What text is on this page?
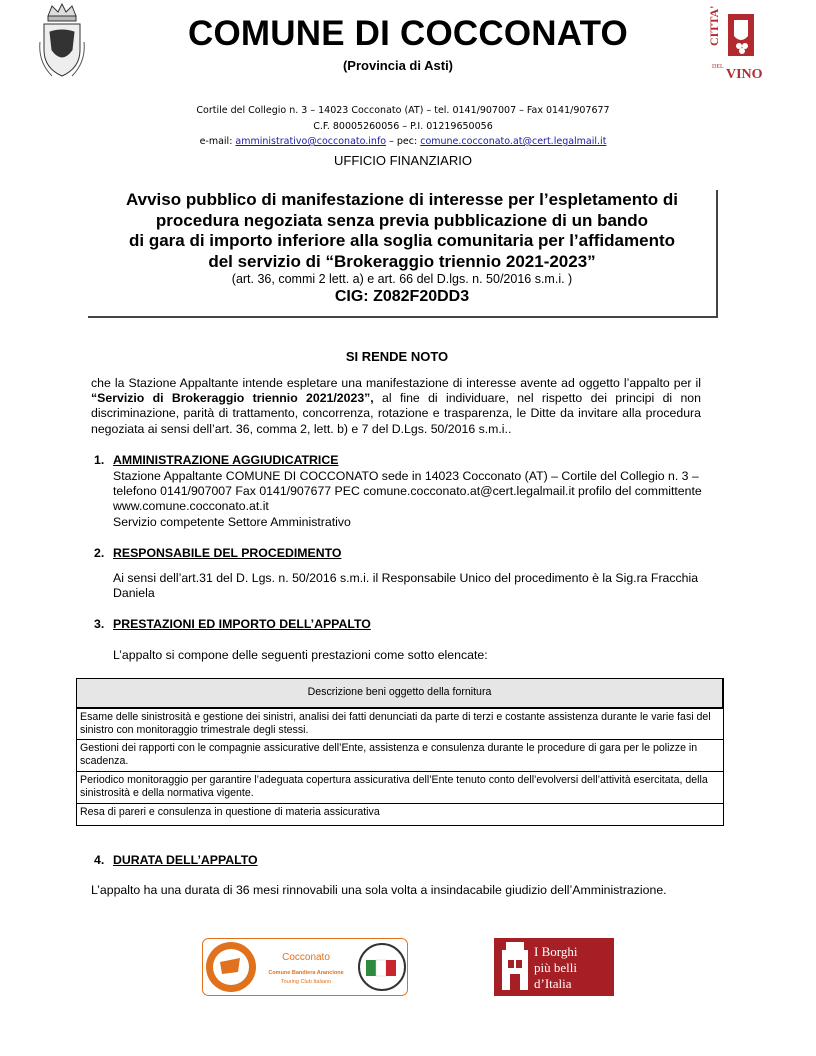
CITTA'
DEL VINO
COMUNE DI COCCONATO
(Provincia di Asti)
Cortile del Collegio n. 3 – 14023 Cocconato (AT) – tel. 0141/907007 – Fax 0141/907677
C.F. 80005260056 – P.I. 01219650056
e-mail: amministrativo@cocconato.info – pec: comune.cocconato.at@cert.legalmail.it
UFFICIO FINANZIARIO
Avviso pubblico di manifestazione di interesse per l’espletamento di
procedura negoziata senza previa pubblicazione di un bando
di gara di importo inferiore alla soglia comunitaria per l’affidamento
del servizio di “Brokeraggio triennio 2021-2023”
(art. 36, commi 2 lett. a) e art. 66 del D.lgs. n. 50/2016 s.m.i. )
CIG: Z082F20DD3
SI RENDE NOTO
che la Stazione Appaltante intende espletare una manifestazione di interesse avente ad oggetto l’appalto per il “Servizio di Brokeraggio triennio 2021/2023”, al fine di individuare, nel rispetto dei principi di non discriminazione, parità di trattamento, concorrenza, rotazione e trasparenza, le Ditte da invitare alla procedura negoziata ai sensi dell’art. 36, comma 2, lett. b) e 7 del D.Lgs. 50/2016 s.m.i..
1. AMMINISTRAZIONE AGGIUDICATRICE
Stazione Appaltante COMUNE DI COCCONATO sede in 14023 Cocconato (AT) – Cortile del Collegio n. 3 – telefono 0141/907007 Fax 0141/907677 PEC comune.cocconato.at@cert.legalmail.it profilo del committente www.comune.cocconato.at.it
Servizio competente Settore Amministrativo
2. RESPONSABILE DEL PROCEDIMENTO
Ai sensi dell’art.31 del D. Lgs. n. 50/2016 s.m.i. il Responsabile Unico del procedimento è la Sig.ra Fracchia Daniela
3. PRESTAZIONI ED IMPORTO DELL’APPALTO
L’appalto si compone delle seguenti prestazioni come sotto elencate:
Descrizione beni oggetto della fornitura
Esame delle sinistrosità e gestione dei sinistri, analisi dei fatti denunciati da parte di terzi e costante assistenza durante le varie fasi del sinistro con monitoraggio trimestrale degli stessi.
Gestioni dei rapporti con le compagnie assicurative dell’Ente, assistenza e consulenza durante le procedure di gara per le polizze in scadenza.
Periodico monitoraggio per garantire l’adeguata copertura assicurativa dell’Ente tenuto conto dell’evolversi dell’attività esercitata, della sinistrosità e della normativa vigente.
Resa di pareri e consulenza in questione di materia assicurativa
4. DURATA DELL’APPALTO
L’appalto ha una durata di 36 mesi rinnovabili una sola volta a insindacabile giudizio dell’Amministrazione.
Cocconato
Comune Bandiera Arancione
Touring Club Italiano
I Borghi
più belli
d’Italia
